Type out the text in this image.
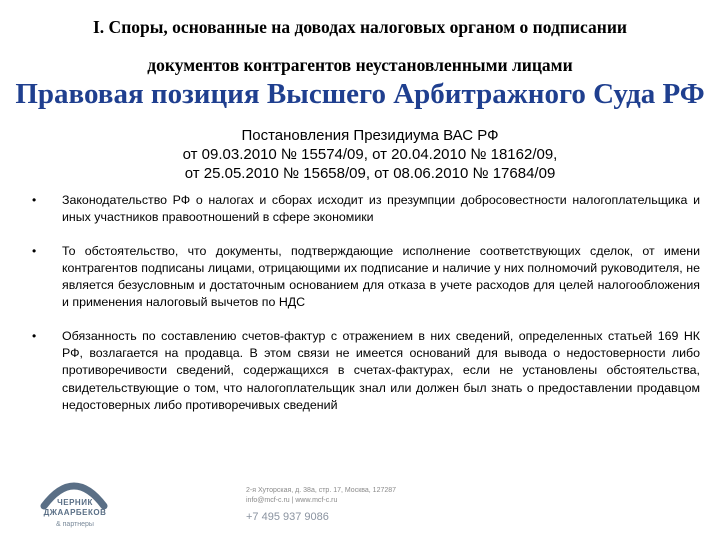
I. Споры, основанные на доводах налоговых органом о подписании
документов контрагентов неустановленными лицами
Правовая позиция Высшего Арбитражного Суда РФ
Постановления Президиума ВАС РФ
от 09.03.2010 № 15574/09, от 20.04.2010 № 18162/09,
от 25.05.2010 № 15658/09, от 08.06.2010 № 17684/09
• Законодательство РФ о налогах и сборах исходит из презумпции добросовестности налогоплательщика и иных участников правоотношений в сфере экономики
• То обстоятельство, что документы, подтверждающие исполнение соответствующих сделок, от имени контрагентов подписаны лицами, отрицающими их подписание и наличие у них полномочий руководителя, не является безусловным и достаточным основанием для отказа в учете расходов для целей налогообложения и применения налоговый вычетов по НДС
• Обязанность по составлению счетов-фактур с отражением в них сведений, определенных статьей 169 НК РФ, возлагается на продавца. В этом связи не имеется оснований для вывода о недостоверности либо противоречивости сведений, содержащихся в счетах-фактурах, если не установлены обстоятельства, свидетельствующие о том, что налогоплательщик знал или должен был знать о предоставлении продавцом недостоверных либо противоречивых сведений
ЧЕРНИК
ДЖААРБЕКОВ
& партнеры
2-я Хуторская, д. 38а, стр. 17, Москва, 127287
info@mcf-c.ru | www.mcf-c.ru
+7 495 937 9086
